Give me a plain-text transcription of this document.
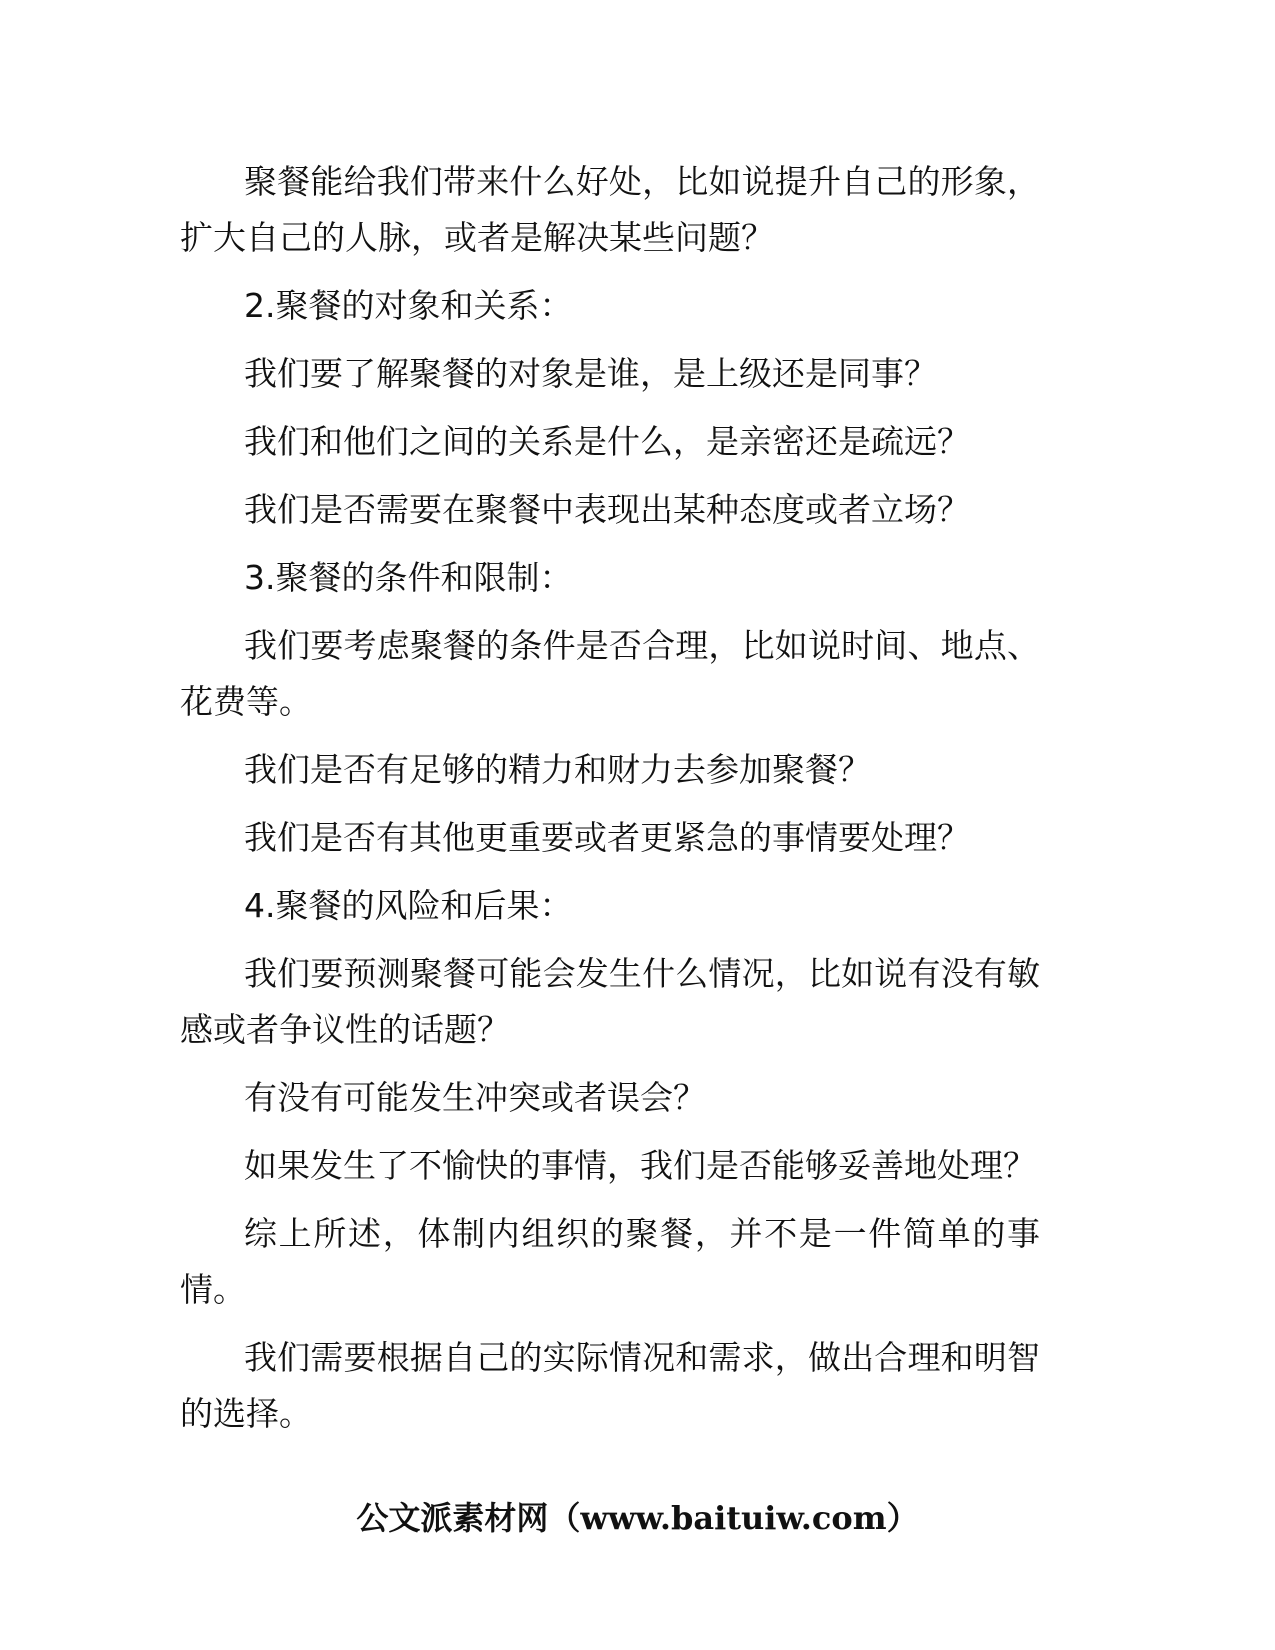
聚餐能给我们带来什么好处，比如说提升自己的形象，扩大自己的人脉，或者是解决某些问题？

2.聚餐的对象和关系：

我们要了解聚餐的对象是谁，是上级还是同事？

我们和他们之间的关系是什么，是亲密还是疏远？

我们是否需要在聚餐中表现出某种态度或者立场？

3.聚餐的条件和限制：

我们要考虑聚餐的条件是否合理，比如说时间、地点、花费等。

我们是否有足够的精力和财力去参加聚餐？

我们是否有其他更重要或者更紧急的事情要处理？

4.聚餐的风险和后果：

我们要预测聚餐可能会发生什么情况，比如说有没有敏感或者争议性的话题？

有没有可能发生冲突或者误会？

如果发生了不愉快的事情，我们是否能够妥善地处理？

综上所述，体制内组织的聚餐，并不是一件简单的事情。

我们需要根据自己的实际情况和需求，做出合理和明智的选择。

公文派素材网（www.baituiw.com）
